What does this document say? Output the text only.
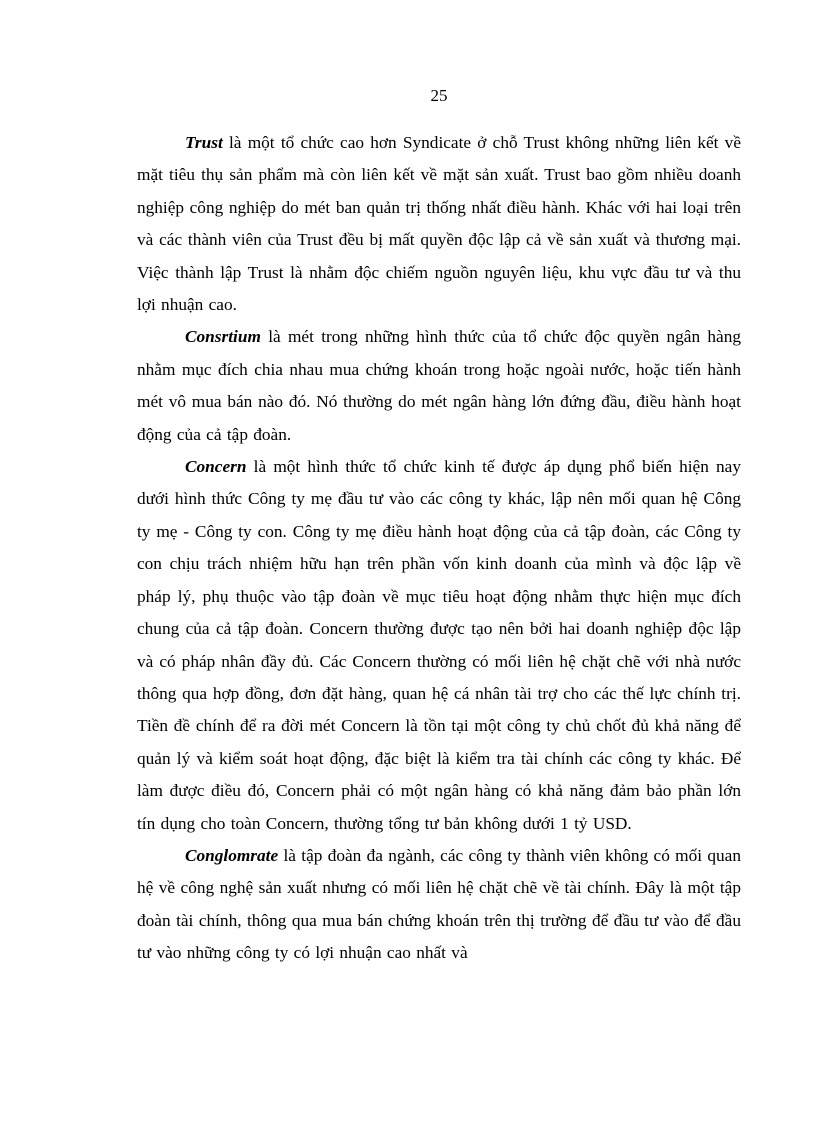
25

Trust là một tổ chức cao hơn Syndicate ở chỗ Trust không những liên kết về mặt tiêu thụ sản phẩm mà còn liên kết về mặt sản xuất. Trust bao gồm nhiều doanh nghiệp công nghiệp do mét ban quản trị thống nhất điều hành. Khác với hai loại trên và các thành viên của Trust đều bị mất quyền độc lập cả về sản xuất và thương mại. Việc thành lập Trust là nhằm độc chiếm nguồn nguyên liệu, khu vực đầu tư và thu lợi nhuận cao.

Consrtium là mét trong những hình thức của tổ chức độc quyền ngân hàng nhằm mục đích chia nhau mua chứng khoán trong hoặc ngoài nước, hoặc tiến hành mét vô mua bán nào đó. Nó thường do mét ngân hàng lớn đứng đầu, điều hành hoạt động của cả tập đoàn.

Concern là một hình thức tổ chức kinh tế được áp dụng phổ biến hiện nay dưới hình thức Công ty mẹ đầu tư vào các công ty khác, lập nên mối quan hệ Công ty mẹ - Công ty con. Công ty mẹ điều hành hoạt động của cả tập đoàn, các Công ty con chịu trách nhiệm hữu hạn trên phần vốn kinh doanh của mình và độc lập về pháp lý, phụ thuộc vào tập đoàn về mục tiêu hoạt động nhằm thực hiện mục đích chung của cả tập đoàn. Concern thường được tạo nên bởi hai doanh nghiệp độc lập và có pháp nhân đầy đủ. Các Concern thường có mối liên hệ chặt chẽ với nhà nước thông qua hợp đồng, đơn đặt hàng, quan hệ cá nhân tài trợ cho các thế lực chính trị. Tiền đề chính để ra đời mét Concern là tồn tại một công ty chủ chốt đủ khả năng để quản lý và kiểm soát hoạt động, đặc biệt là kiểm tra tài chính các công ty khác. Để làm được điều đó, Concern phải có một ngân hàng có khả năng đảm bảo phần lớn tín dụng cho toàn Concern, thường tổng tư bản không dưới 1 tỷ USD.

Conglomrate là tập đoàn đa ngành, các công ty thành viên không có mối quan hệ về công nghệ sản xuất nhưng có mối liên hệ chặt chẽ về tài chính. Đây là một tập đoàn tài chính, thông qua mua bán chứng khoán trên thị trường để đầu tư vào để đầu tư vào những công ty có lợi nhuận cao nhất và
